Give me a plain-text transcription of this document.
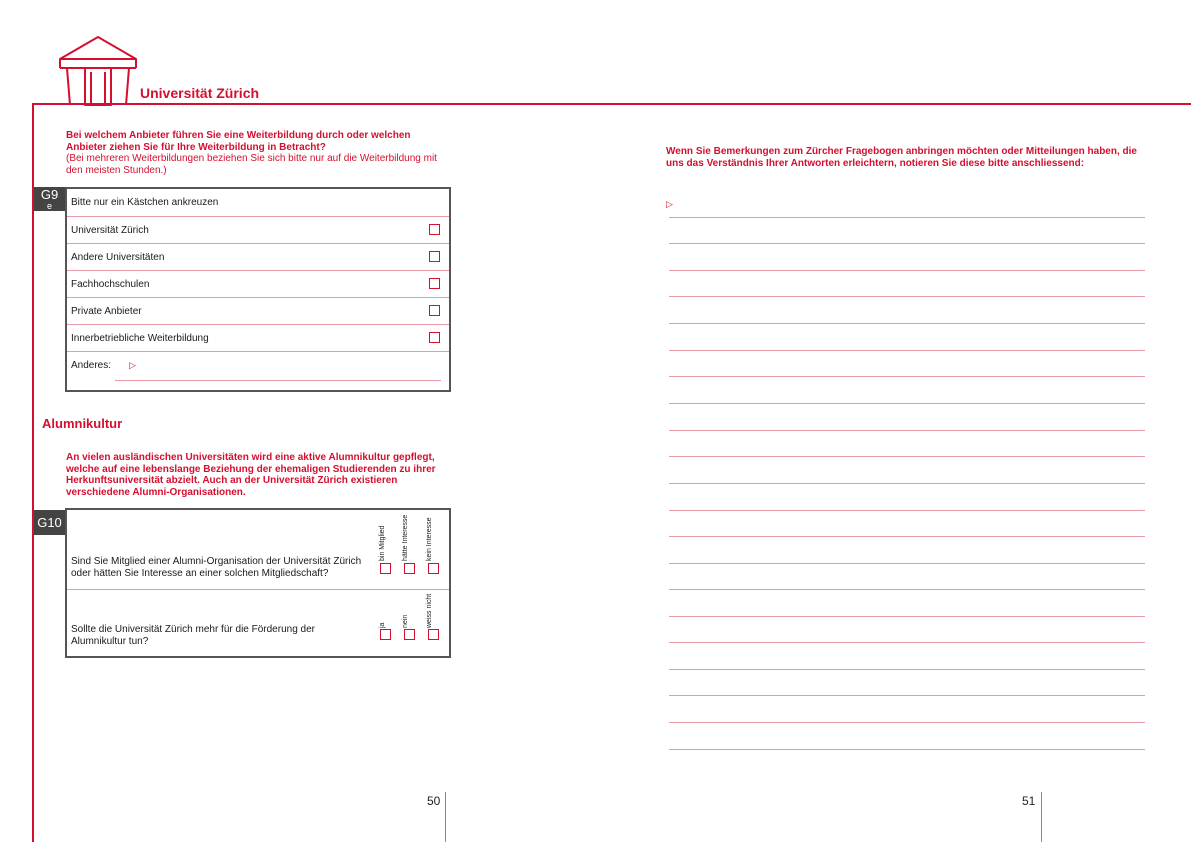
Universität Zürich
Bei welchem Anbieter führen Sie eine Weiterbildung durch oder welchen Anbieter ziehen Sie für Ihre Weiterbildung in Betracht?
(Bei mehreren Weiterbildungen beziehen Sie sich bitte nur auf die Weiterbildung mit den meisten Stunden.)
G9
e	Bitte nur ein Kästchen ankreuzen
Universität Zürich
Andere Universitäten
Fachhochschulen
Private Anbieter
Innerbetriebliche Weiterbildung
Anderes: ▷
Alumnikultur
An vielen ausländischen Universitäten wird eine aktive Alumnikultur gepflegt, welche auf eine lebenslange Beziehung der ehemaligen Studierenden zu ihrer Herkunftsuniversität abzielt. Auch an der Universität Zürich existieren verschiedene Alumni-Organisationen.
G10
Sind Sie Mitglied einer Alumni-Organisation der Universität Zürich oder hätten Sie Interesse an einer solchen Mitgliedschaft?
bin Mitglied hätte Interesse kein Interesse
Sollte die Universität Zürich mehr für die Förderung der Alumnikultur tun?
ja nein weiss nicht
Wenn Sie Bemerkungen zum Zürcher Fragebogen anbringen möchten oder Mitteilungen haben, die uns das Verständnis Ihrer Antworten erleichtern, notieren Sie diese bitte anschliessend:
▷
50	51
